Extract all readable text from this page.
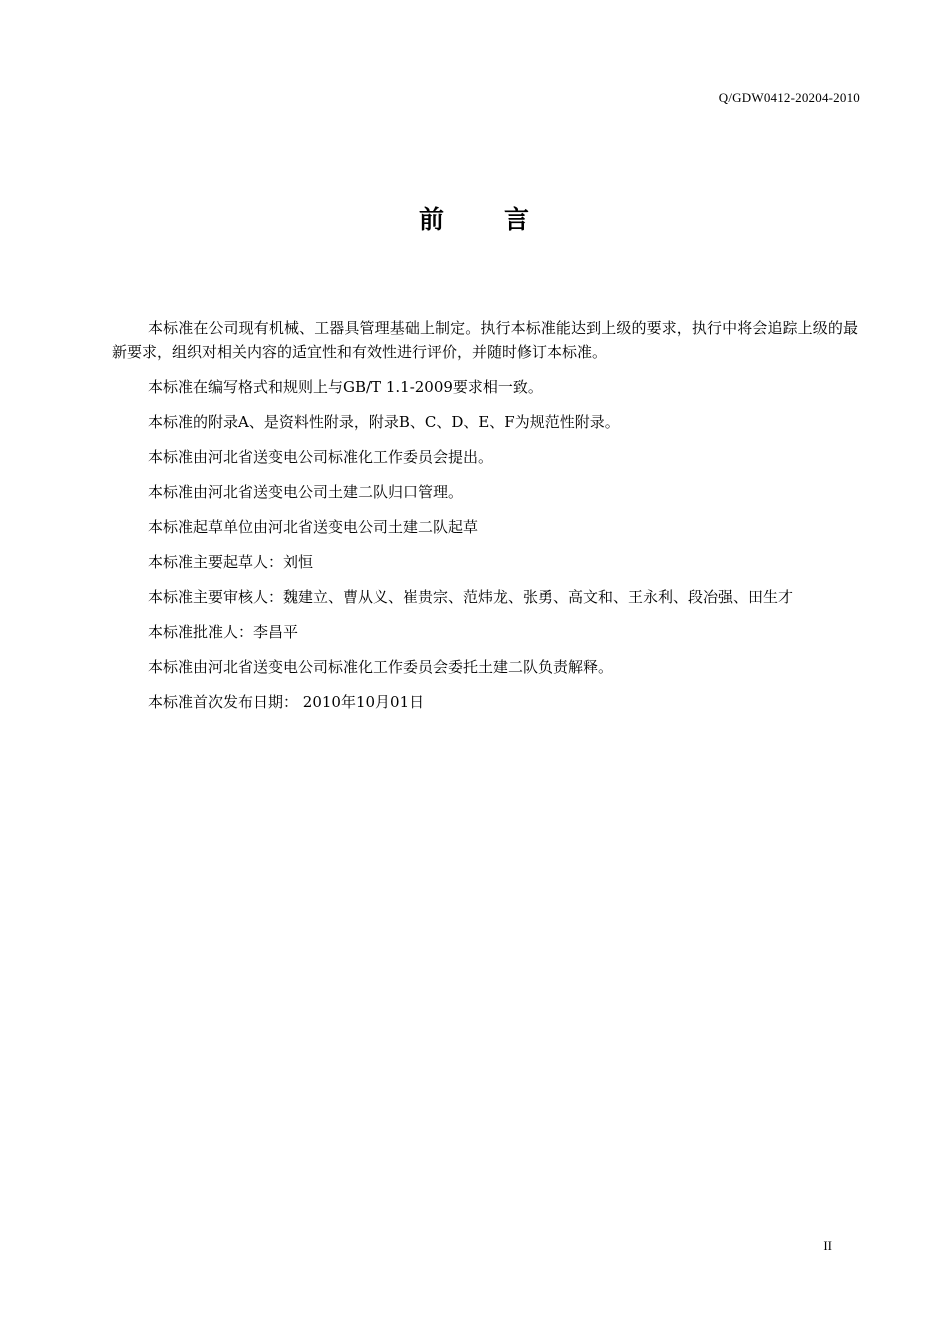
Q/GDW0412-20204-2010
前 言

本标准在公司现有机械、工器具管理基础上制定。执行本标准能达到上级的要求，执行中将会追踪上级的最新要求，组织对相关内容的适宜性和有效性进行评价，并随时修订本标准。

本标准在编写格式和规则上与GB/T 1.1-2009要求相一致。

本标准的附录A、是资料性附录，附录B、C、D、E、F为规范性附录。

本标准由河北省送变电公司标准化工作委员会提出。

本标准由河北省送变电公司土建二队归口管理。

本标准起草单位由河北省送变电公司土建二队起草

本标准主要起草人：刘恒

本标准主要审核人：魏建立、曹从义、崔贵宗、范炜龙、张勇、高文和、王永利、段冶强、田生才

本标准批准人：李昌平

本标准由河北省送变电公司标准化工作委员会委托土建二队负责解释。

本标准首次发布日期： 2010年10月01日

II
